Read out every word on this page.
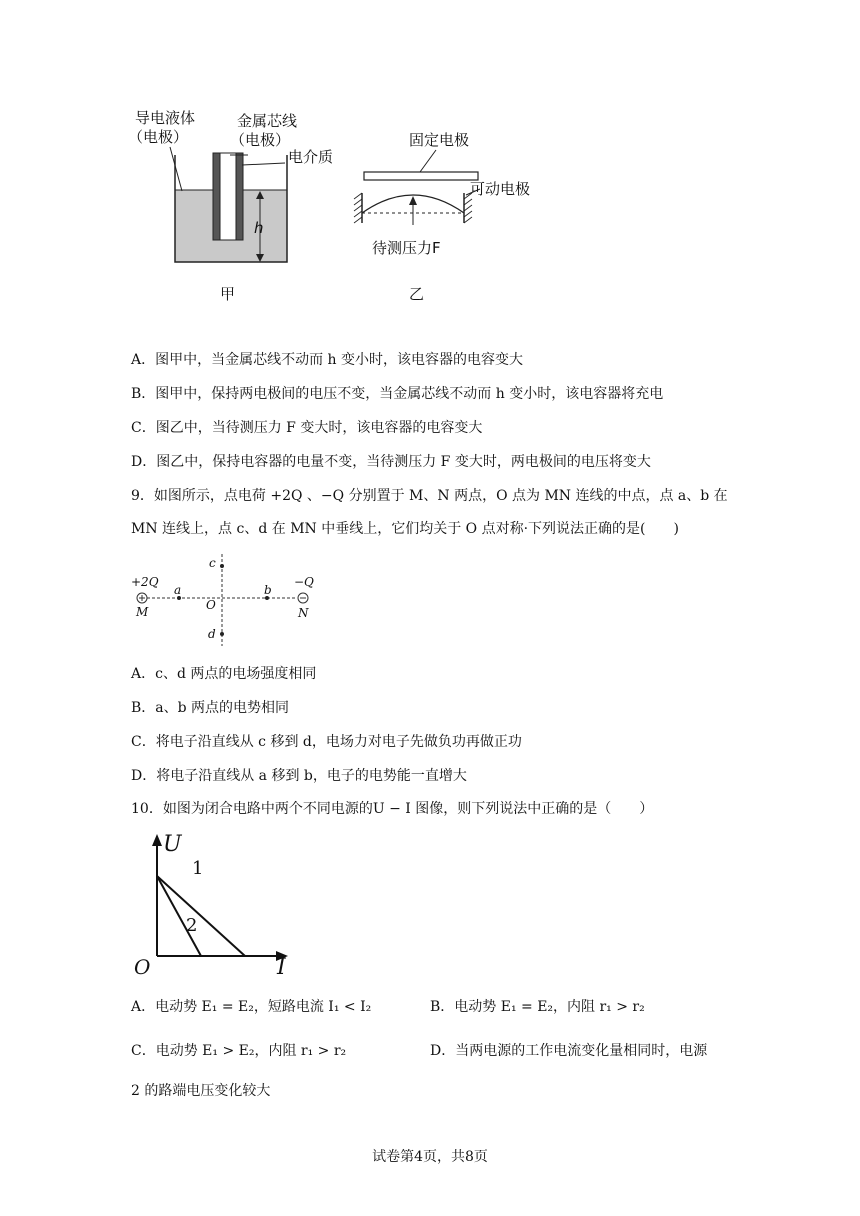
导电液体
（电极）
金属芯线
（电极）
电介质
h
甲
固定电极
可动电极
待测压力F
乙
A．图甲中，当金属芯线不动而 h 变小时，该电容器的电容变大
B．图甲中，保持两电极间的电压不变，当金属芯线不动而 h 变小时，该电容器将充电
C．图乙中，当待测压力 F 变大时，该电容器的电容变大
D．图乙中，保持电容器的电量不变，当待测压力 F 变大时，两电极间的电压将变大
9．如图所示，点电荷 +2Q 、−Q 分别置于 M、N 两点，O 点为 MN 连线的中点，点 a、b 在
MN 连线上，点 c、d 在 MN 中垂线上，它们均关于 O 点对称·下列说法正确的是(　　)
+2Q	−Q
M	N
O
a	b
c
d
A．c、d 两点的电场强度相同
B．a、b 两点的电势相同
C．将电子沿直线从 c 移到 d，电场力对电子先做负功再做正功
D．将电子沿直线从 a 移到 b，电子的电势能一直增大
10．如图为闭合电路中两个不同电源的U − I 图像，则下列说法中正确的是（　　）
U
I
O
1
2
A．电动势 E₁ = E₂，短路电流 I₁ < I₂	B．电动势 E₁ = E₂，内阻 r₁ > r₂
C．电动势 E₁ > E₂，内阻 r₁ > r₂	D．当两电源的工作电流变化量相同时，电源
2 的路端电压变化较大
试卷第4页，共8页
